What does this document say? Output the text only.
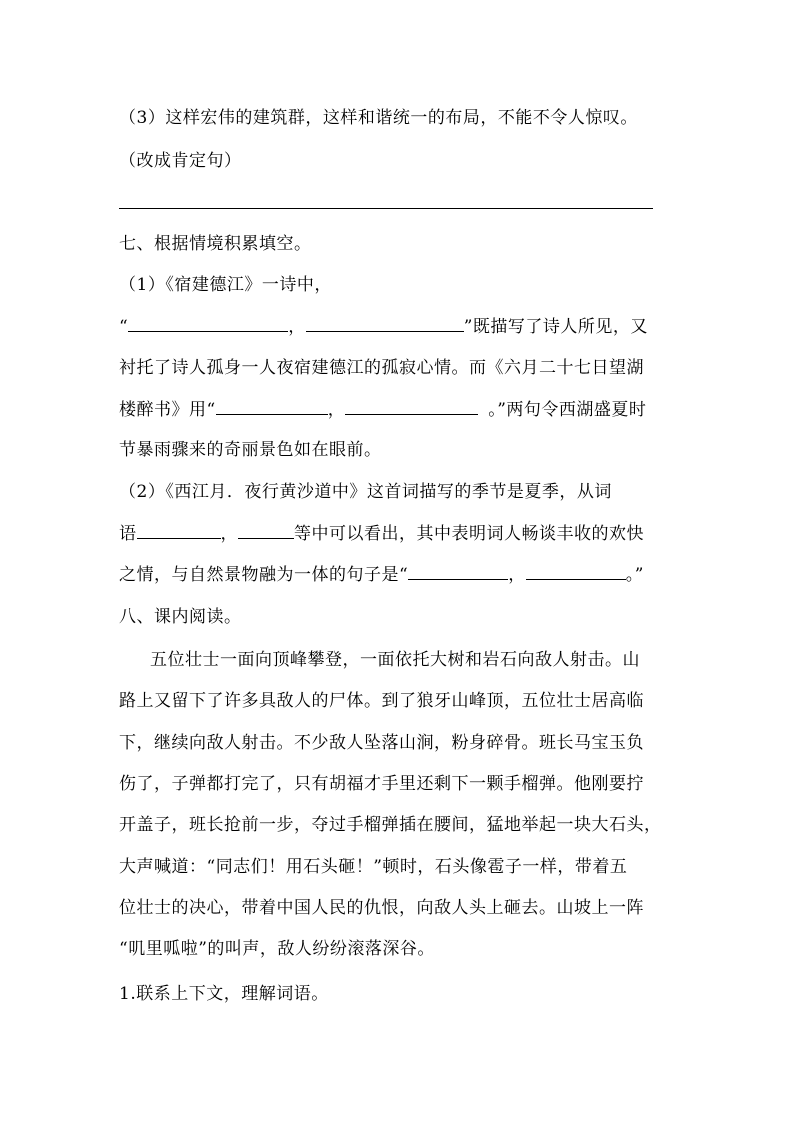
（3）这样宏伟的建筑群，这样和谐统一的布局，不能不令人惊叹。
（改成肯定句）
七、根据情境积累填空。
（1）《宿建德江》一诗中，
“	，	”既描写了诗人所见，又
衬托了诗人孤身一人夜宿建德江的孤寂心情。而《六月二十七日望湖
楼醉书》用“	，	。”两句令西湖盛夏时
节暴雨骤来的奇丽景色如在眼前。
（2）《西江月．夜行黄沙道中》这首词描写的季节是夏季，从词
语	，	等中可以看出，其中表明词人畅谈丰收的欢快
之情，与自然景物融为一体的句子是“	，	。”
八、课内阅读。
五位壮士一面向顶峰攀登，一面依托大树和岩石向敌人射击。山
路上又留下了许多具敌人的尸体。到了狼牙山峰顶，五位壮士居高临
下，继续向敌人射击。不少敌人坠落山涧，粉身碎骨。班长马宝玉负
伤了，子弹都打完了，只有胡福才手里还剩下一颗手榴弹。他刚要拧
开盖子，班长抢前一步，夺过手榴弹插在腰间，猛地举起一块大石头，
大声喊道：“同志们！用石头砸！”顿时，石头像雹子一样，带着五
位壮士的决心，带着中国人民的仇恨，向敌人头上砸去。山坡上一阵
“叽里呱啦”的叫声，敌人纷纷滚落深谷。
1.联系上下文，理解词语。
